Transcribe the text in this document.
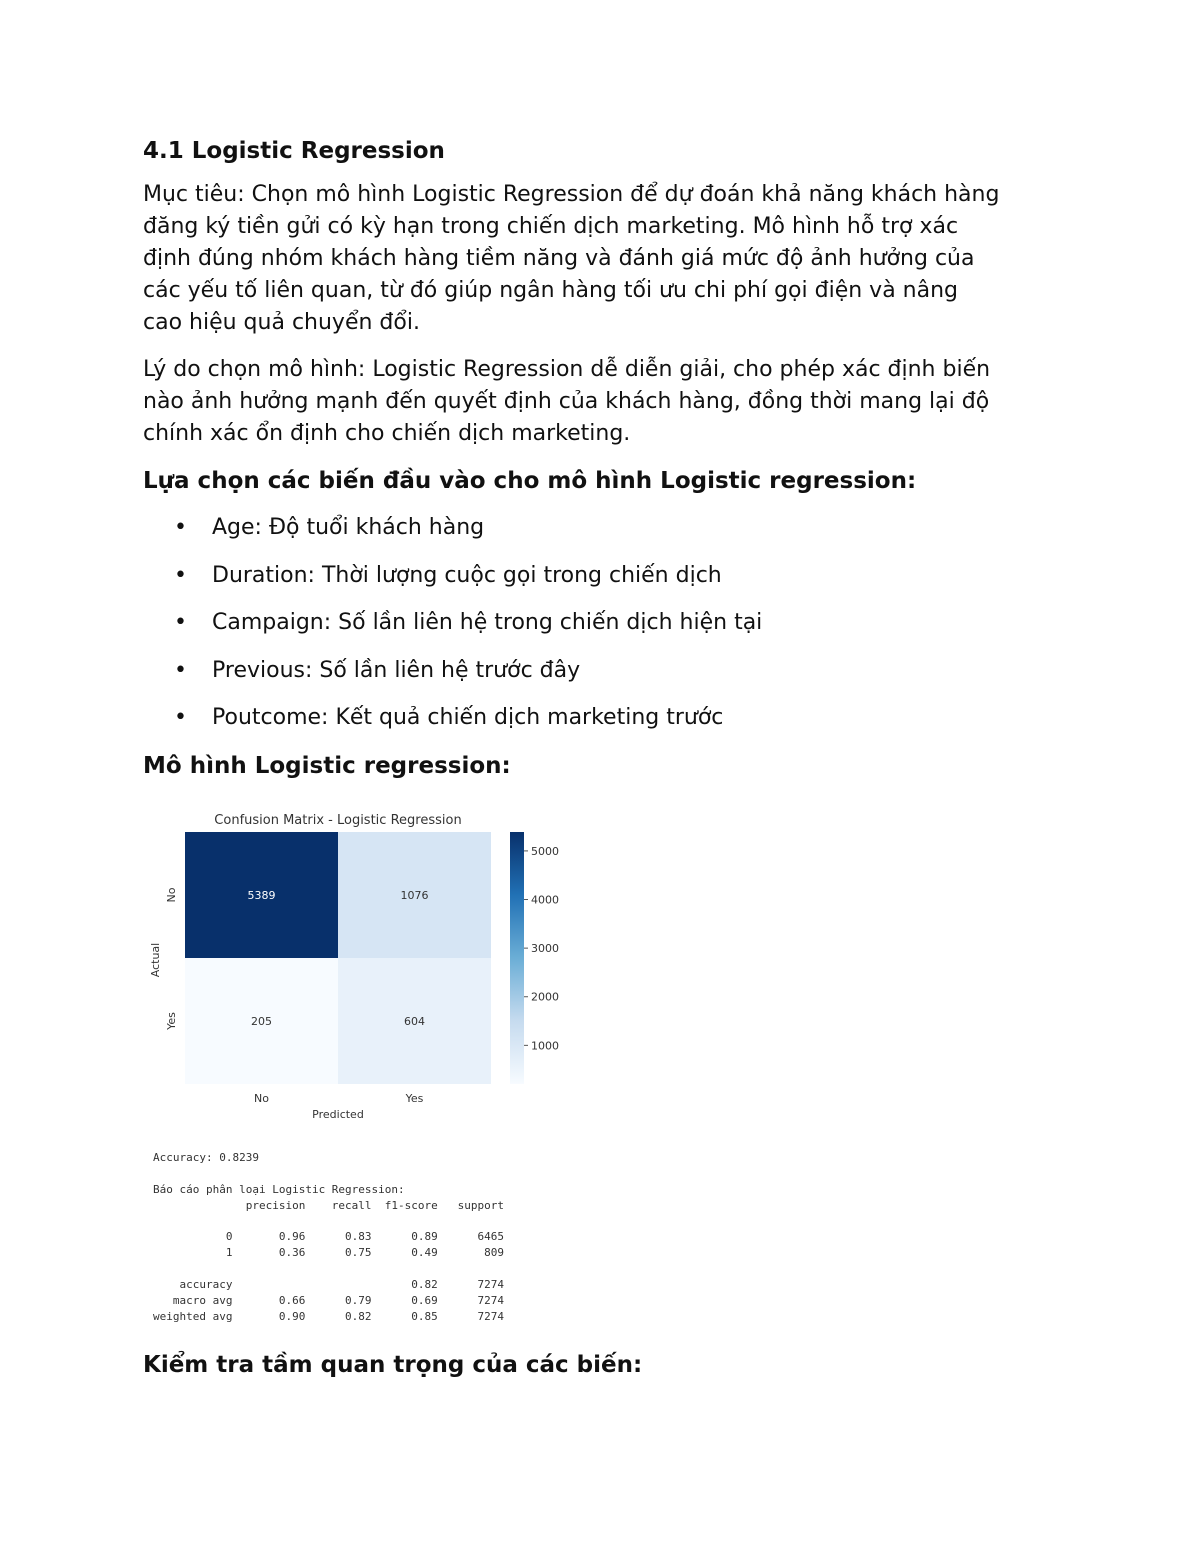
4.1 Logistic Regression

Mục tiêu: Chọn mô hình Logistic Regression để dự đoán khả năng khách hàng
đăng ký tiền gửi có kỳ hạn trong chiến dịch marketing. Mô hình hỗ trợ xác
định đúng nhóm khách hàng tiềm năng và đánh giá mức độ ảnh hưởng của
các yếu tố liên quan, từ đó giúp ngân hàng tối ưu chi phí gọi điện và nâng
cao hiệu quả chuyển đổi.

Lý do chọn mô hình: Logistic Regression dễ diễn giải, cho phép xác định biến
nào ảnh hưởng mạnh đến quyết định của khách hàng, đồng thời mang lại độ
chính xác ổn định cho chiến dịch marketing.

Lựa chọn các biến đầu vào cho mô hình Logistic regression:

• Age: Độ tuổi khách hàng
• Duration: Thời lượng cuộc gọi trong chiến dịch
• Campaign: Số lần liên hệ trong chiến dịch hiện tại
• Previous: Số lần liên hệ trước đây
• Poutcome: Kết quả chiến dịch marketing trước

Mô hình Logistic regression:

Confusion Matrix - Logistic Regression
5389	1076
205	604
No	Yes
No
Yes
Predicted
Actual
1000
2000
3000
4000
5000
Accuracy: 0.8239
Báo cáo phân loại Logistic Regression:
precision    recall  f1-score   support
0       0.96      0.83      0.89      6465
1       0.36      0.75      0.49       809
accuracy                           0.82      7274
macro avg       0.66      0.79      0.69      7274
weighted avg       0.90      0.82      0.85      7274

Kiểm tra tầm quan trọng của các biến:
